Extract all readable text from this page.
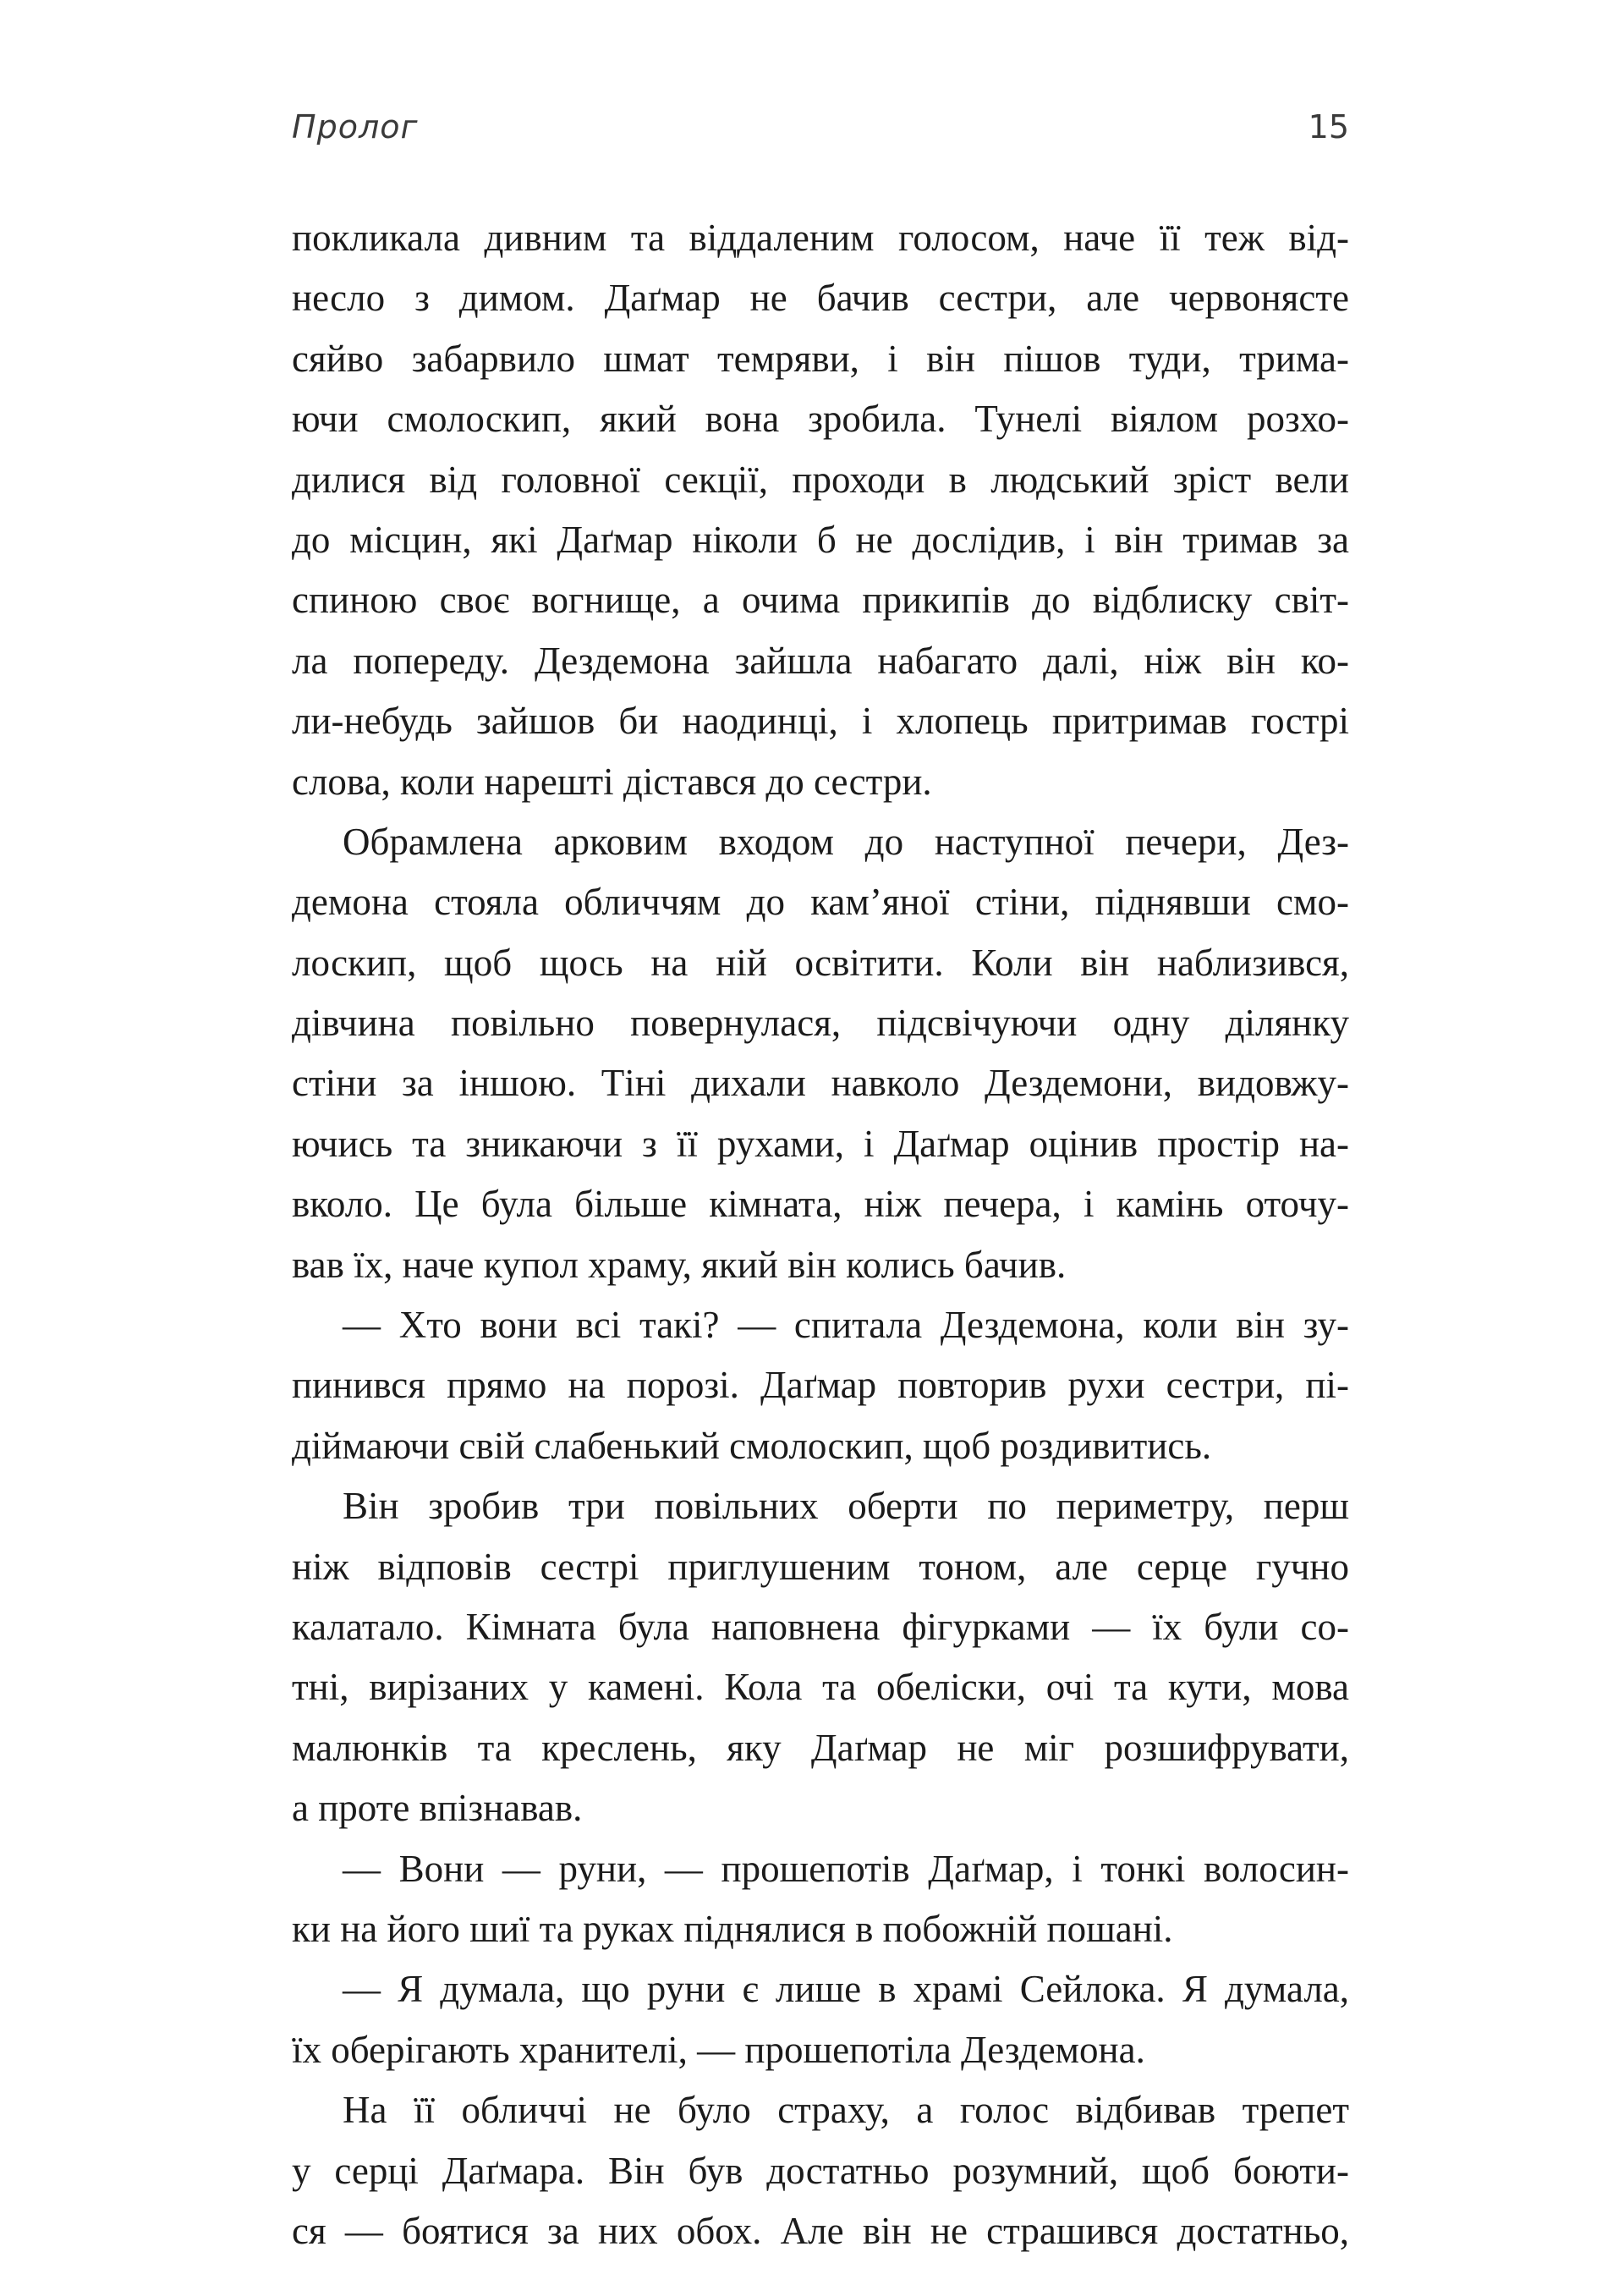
Пролог	15
покликала дивним та віддаленим голосом, наче її теж від-
несло з димом. Даґмар не бачив сестри, але червонясте
сяйво забарвило шмат темряви, і він пішов туди, трима-
ючи смолоскип, який вона зробила. Тунелі віялом розхо-
дилися від головної секції, проходи в людський зріст вели
до місцин, які Даґмар ніколи б не дослідив, і він тримав за
спиною своє вогнище, а очима прикипів до відблиску світ-
ла попереду. Дездемона зайшла набагато далі, ніж він ко-
ли-небудь зайшов би наодинці, і хлопець притримав гострі
слова, коли нарешті дістався до сестри.
Обрамлена арковим входом до наступної печери, Дез-
демона стояла обличчям до кам’яної стіни, піднявши смо-
лоскип, щоб щось на ній освітити. Коли він наблизився,
дівчина повільно повернулася, підсвічуючи одну ділянку
стіни за іншою. Тіні дихали навколо Дездемони, видовжу-
ючись та зникаючи з її рухами, і Даґмар оцінив простір на-
вколо. Це була більше кімната, ніж печера, і камінь оточу-
вав їх, наче купол храму, який він колись бачив.
— Хто вони всі такі? — спитала Дездемона, коли він зу-
пинився прямо на порозі. Даґмар повторив рухи сестри, пі-
дiймаючи свій слабенький смолоскип, щоб роздивитись.
Він зробив три повільних оберти по периметру, перш
ніж відповів сестрі приглушеним тоном, але серце гучно
калатало. Кімната була наповнена фігурками — їх були со-
тні, вирізаних у камені. Кола та обеліски, очі та кути, мова
малюнків та креслень, яку Даґмар не міг розшифрувати,
а проте впізнавав.
— Вони — руни, — прошепотів Даґмар, і тонкі волосин-
ки на його шиї та руках піднялися в побожній пошані.
— Я думала, що руни є лише в храмі Сейлока. Я думала,
їх оберігають хранителі, — прошепотіла Дездемона.
На її обличчі не було страху, а голос відбивав трепет
у серці Даґмара. Він був достатньо розумний, щоб боюти-
ся — боятися за них обох. Але він не страшився достатньо,
